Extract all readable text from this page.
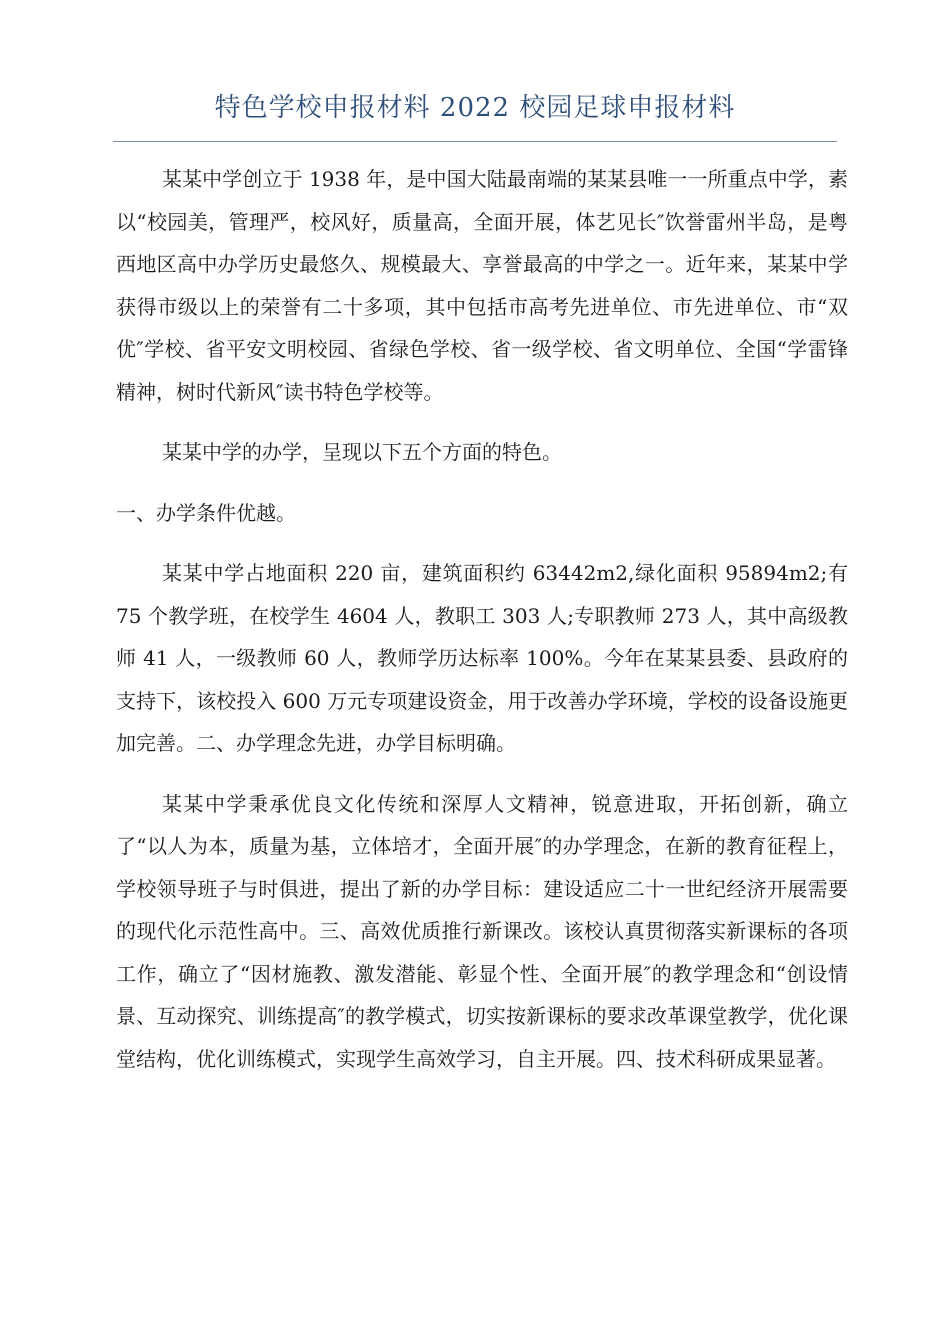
特色学校申报材料 2022 校园足球申报材料

某某中学创立于 1938 年，是中国大陆最南端的某某县唯一一所重点中学，素以“校园美，管理严，校风好，质量高，全面开展，体艺见长″饮誉雷州半岛，是粤西地区高中办学历史最悠久、规模最大、享誉最高的中学之一。近年来，某某中学获得市级以上的荣誉有二十多项，其中包括市高考先进单位、市先进单位、市“双优″学校、省平安文明校园、省绿色学校、省一级学校、省文明单位、全国“学雷锋精神，树时代新风″读书特色学校等。

某某中学的办学，呈现以下五个方面的特色。

一、办学条件优越。

某某中学占地面积 220 亩，建筑面积约 63442m2,绿化面积 95894m2;有 75 个教学班，在校学生 4604 人，教职工 303 人;专职教师 273 人，其中高级教师 41 人，一级教师 60 人，教师学历达标率 100%。今年在某某县委、县政府的支持下，该校投入 600 万元专项建设资金，用于改善办学环境，学校的设备设施更加完善。二、办学理念先进，办学目标明确。

某某中学秉承优良文化传统和深厚人文精神，锐意进取，开拓创新，确立了“以人为本，质量为基，立体培才，全面开展″的办学理念，在新的教育征程上，学校领导班子与时俱进，提出了新的办学目标：建设适应二十一世纪经济开展需要的现代化示范性高中。三、高效优质推行新课改。该校认真贯彻落实新课标的各项工作，确立了“因材施教、激发潜能、彰显个性、全面开展″的教学理念和“创设情景、互动探究、训练提高″的教学模式，切实按新课标的要求改革课堂教学，优化课堂结构，优化训练模式，实现学生高效学习，自主开展。四、技术科研成果显著。
